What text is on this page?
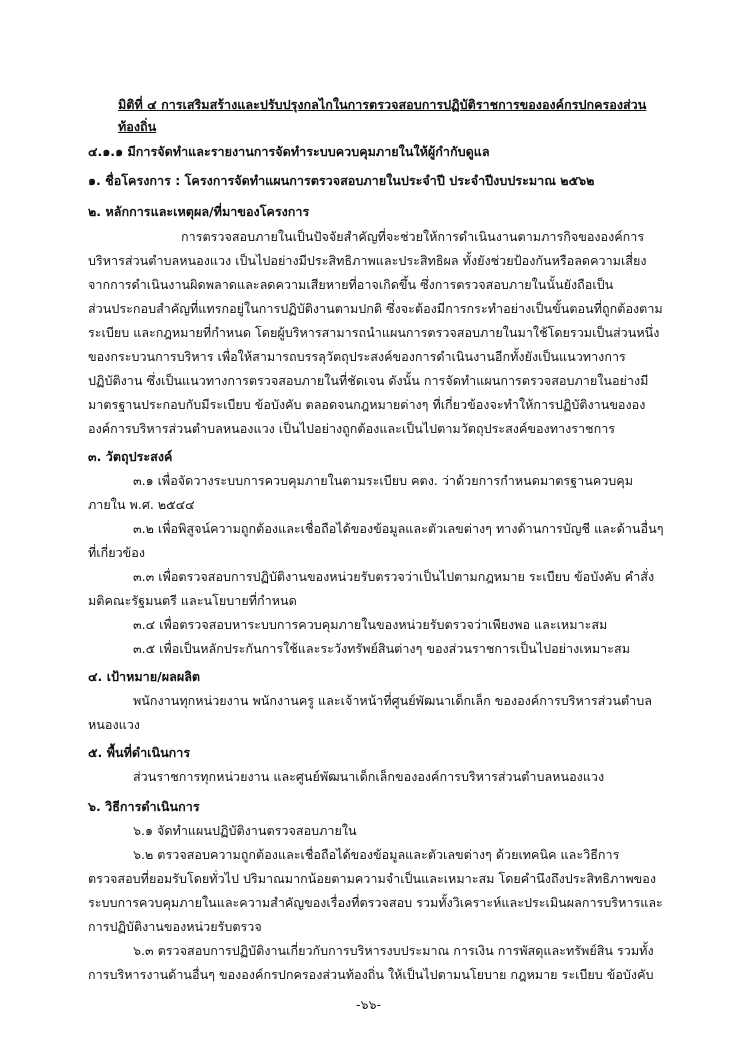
มิติที่ ๔ การเสริมสร้างและปรับปรุงกลไกในการตรวจสอบการปฏิบัติราชการขององค์กรปกครองส่วน
ท้องถิ่น
๔.๑.๑ มีการจัดทำและรายงานการจัดทำระบบควบคุมภายในให้ผู้กำกับดูแล
๑. ชื่อโครงการ : โครงการจัดทำแผนการตรวจสอบภายในประจำปี ประจำปีงบประมาณ ๒๕๖๒
๒. หลักการและเหตุผล/ที่มาของโครงการ
การตรวจสอบภายในเป็นปัจจัยสำคัญที่จะช่วยให้การดำเนินงานตามภารกิจขององค์การ
บริหารส่วนตำบลหนองแวง เป็นไปอย่างมีประสิทธิภาพและประสิทธิผล ทั้งยังช่วยป้องกันหรือลดความเสี่ยง
จากการดำเนินงานผิดพลาดและลดความเสียหายที่อาจเกิดขึ้น ซึ่งการตรวจสอบภายในนั้นยังถือเป็น
ส่วนประกอบสำคัญที่แทรกอยู่ในการปฏิบัติงานตามปกติ ซึ่งจะต้องมีการกระทำอย่างเป็นขั้นตอนที่ถูกต้องตาม
ระเบียบ และกฎหมายที่กำหนด โดยผู้บริหารสามารถนำแผนการตรวจสอบภายในมาใช้โดยรวมเป็นส่วนหนึ่ง
ของกระบวนการบริหาร เพื่อให้สามารถบรรลุวัตถุประสงค์ของการดำเนินงานอีกทั้งยังเป็นแนวทางการ
ปฏิบัติงาน ซึ่งเป็นแนวทางการตรวจสอบภายในที่ชัดเจน ดังนั้น การจัดทำแผนการตรวจสอบภายในอย่างมี
มาตรฐานประกอบกับมีระเบียบ ข้อบังคับ ตลอดจนกฎหมายต่างๆ ที่เกี่ยวข้องจะทำให้การปฏิบัติงานขององ
องค์การบริหารส่วนตำบลหนองแวง เป็นไปอย่างถูกต้องและเป็นไปตามวัตถุประสงค์ของทางราชการ
๓. วัตถุประสงค์
๓.๑ เพื่อจัดวางระบบการควบคุมภายในตามระเบียบ คตง. ว่าด้วยการกำหนดมาตรฐานควบคุม
ภายใน พ.ศ. ๒๕๔๔
๓.๒ เพื่อพิสูจน์ความถูกต้องและเชื่อถือได้ของข้อมูลและตัวเลขต่างๆ ทางด้านการบัญชี และด้านอื่นๆ
ที่เกี่ยวข้อง
๓.๓ เพื่อตรวจสอบการปฏิบัติงานของหน่วยรับตรวจว่าเป็นไปตามกฎหมาย ระเบียบ ข้อบังคับ คำสั่ง
มติคณะรัฐมนตรี และนโยบายที่กำหนด
๓.๔ เพื่อตรวจสอบหาระบบการควบคุมภายในของหน่วยรับตรวจว่าเพียงพอ และเหมาะสม
๓.๕ เพื่อเป็นหลักประกันการใช้และระวังทรัพย์สินต่างๆ ของส่วนราชการเป็นไปอย่างเหมาะสม
๔. เป้าหมาย/ผลผลิต
พนักงานทุกหน่วยงาน พนักงานครู และเจ้าหน้าที่ศูนย์พัฒนาเด็กเล็ก ขององค์การบริหารส่วนตำบล
หนองแวง
๕. พื้นที่ดำเนินการ
ส่วนราชการทุกหน่วยงาน และศูนย์พัฒนาเด็กเล็กขององค์การบริหารส่วนตำบลหนองแวง
๖. วิธีการดำเนินการ
๖.๑ จัดทำแผนปฏิบัติงานตรวจสอบภายใน
๖.๒ ตรวจสอบความถูกต้องและเชื่อถือได้ของข้อมูลและตัวเลขต่างๆ ด้วยเทคนิค และวิธีการ
ตรวจสอบที่ยอมรับโดยทั่วไป ปริมาณมากน้อยตามความจำเป็นและเหมาะสม โดยคำนึงถึงประสิทธิภาพของ
ระบบการควบคุมภายในและความสำคัญของเรื่องที่ตรวจสอบ รวมทั้งวิเคราะห์และประเมินผลการบริหารและ
การปฏิบัติงานของหน่วยรับตรวจ
๖.๓ ตรวจสอบการปฏิบัติงานเกี่ยวกับการบริหารงบประมาณ การเงิน การพัสดุและทรัพย์สิน รวมทั้ง
การบริหารงานด้านอื่นๆ ขององค์กรปกครองส่วนท้องถิ่น ให้เป็นไปตามนโยบาย กฎหมาย ระเบียบ ข้อบังคับ
-๖๖-
